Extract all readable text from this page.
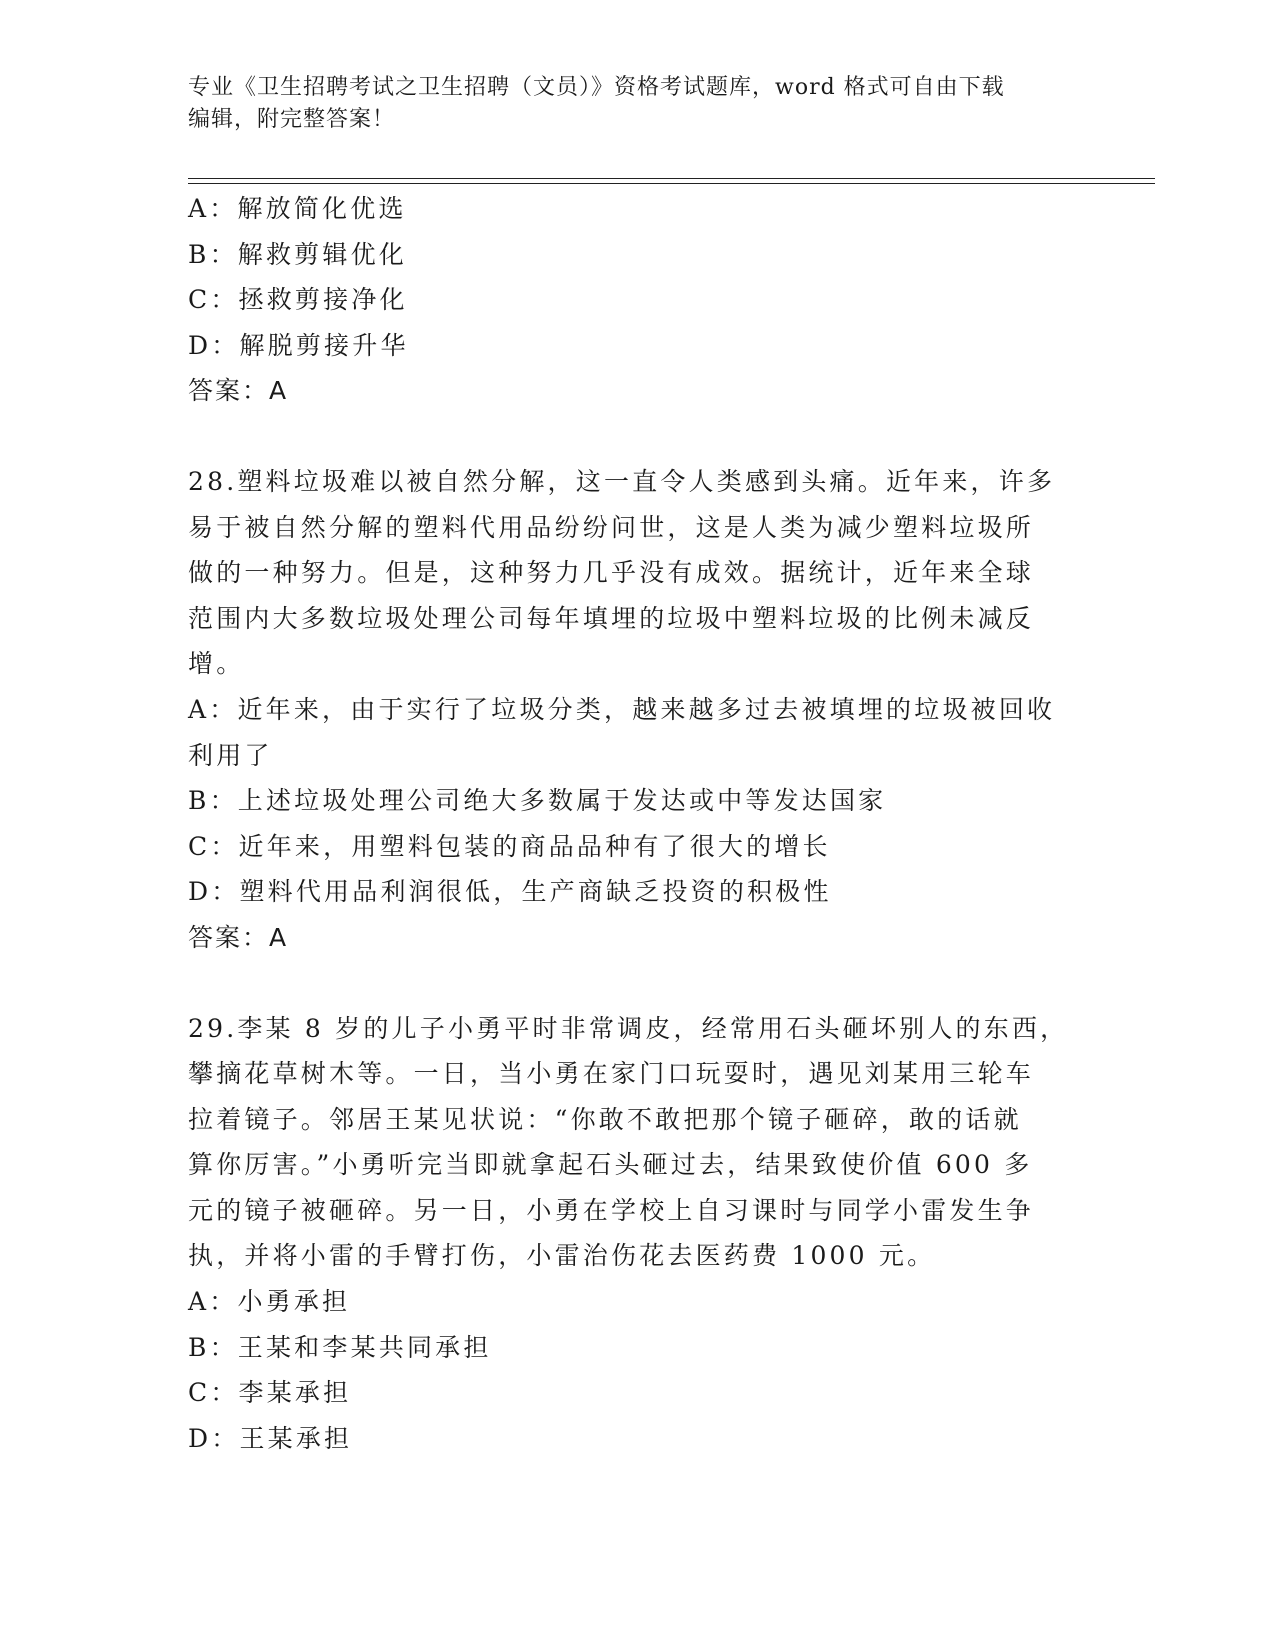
专业《卫生招聘考试之卫生招聘（文员）》资格考试题库，word 格式可自由下载
编辑，附完整答案！
A：解放简化优选
B：解救剪辑优化
C：拯救剪接净化
D：解脱剪接升华
答案：A
28.塑料垃圾难以被自然分解，这一直令人类感到头痛。近年来，许多
易于被自然分解的塑料代用品纷纷问世，这是人类为减少塑料垃圾所
做的一种努力。但是，这种努力几乎没有成效。据统计，近年来全球
范围内大多数垃圾处理公司每年填埋的垃圾中塑料垃圾的比例未减反
增。
A：近年来，由于实行了垃圾分类，越来越多过去被填埋的垃圾被回收
利用了
B：上述垃圾处理公司绝大多数属于发达或中等发达国家
C：近年来，用塑料包装的商品品种有了很大的增长
D：塑料代用品利润很低，生产商缺乏投资的积极性
答案：A
29.李某 8 岁的儿子小勇平时非常调皮，经常用石头砸坏别人的东西，
攀摘花草树木等。一日，当小勇在家门口玩耍时，遇见刘某用三轮车
拉着镜子。邻居王某见状说：“你敢不敢把那个镜子砸碎，敢的话就
算你厉害。”小勇听完当即就拿起石头砸过去，结果致使价值 600 多
元的镜子被砸碎。另一日，小勇在学校上自习课时与同学小雷发生争
执，并将小雷的手臂打伤，小雷治伤花去医药费 1000 元。
A：小勇承担
B：王某和李某共同承担
C：李某承担
D：王某承担
